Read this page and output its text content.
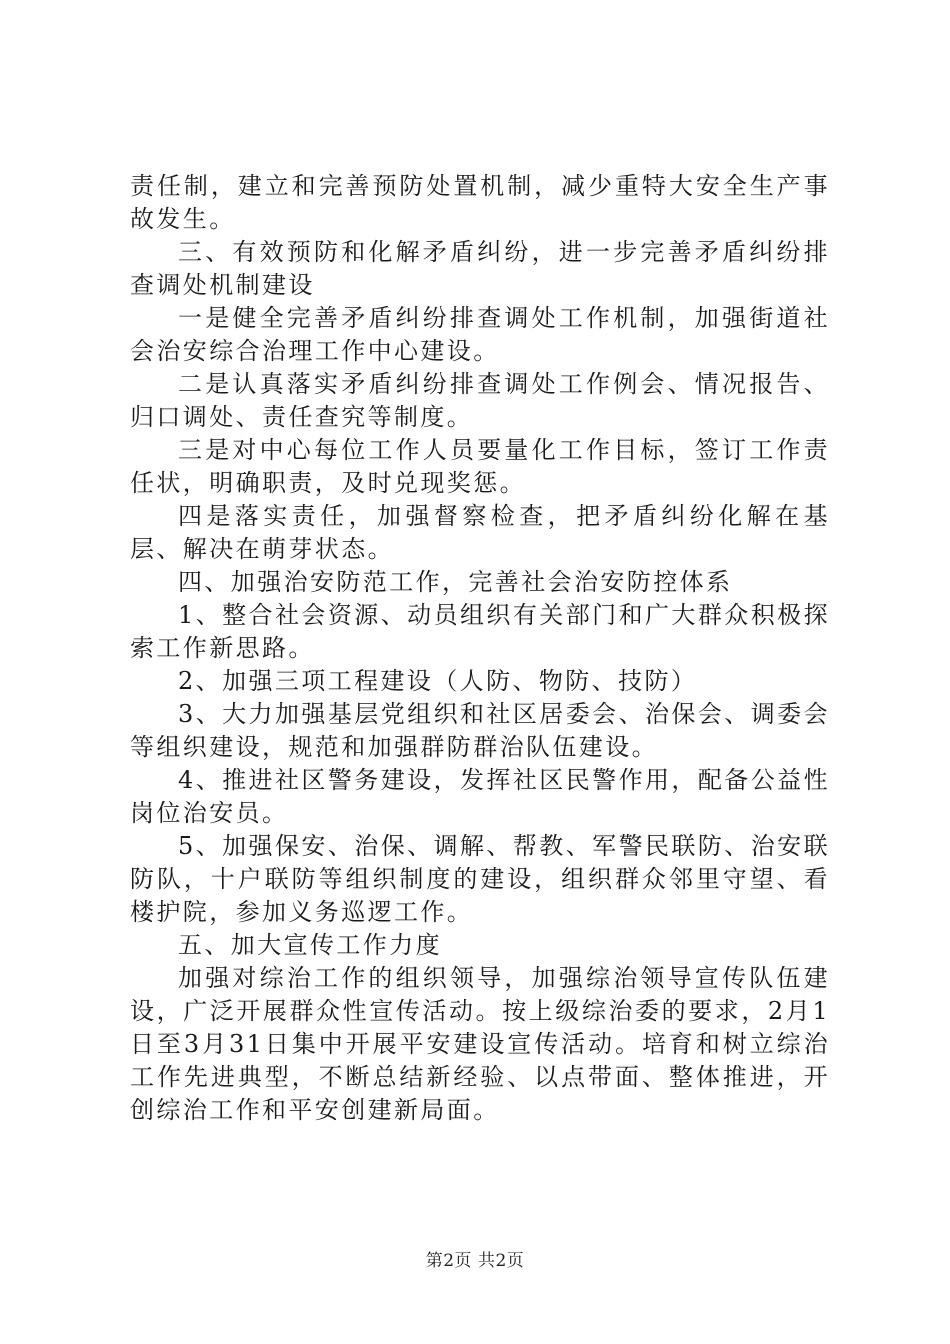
责任制，建立和完善预防处置机制，减少重特大安全生产事故发生。

三、有效预防和化解矛盾纠纷，进一步完善矛盾纠纷排查调处机制建设

一是健全完善矛盾纠纷排查调处工作机制，加强街道社会治安综合治理工作中心建设。

二是认真落实矛盾纠纷排查调处工作例会、情况报告、归口调处、责任查究等制度。

三是对中心每位工作人员要量化工作目标，签订工作责任状，明确职责，及时兑现奖惩。

四是落实责任，加强督察检查，把矛盾纠纷化解在基层、解决在萌芽状态。

四、加强治安防范工作，完善社会治安防控体系

1、整合社会资源、动员组织有关部门和广大群众积极探索工作新思路。

2、加强三项工程建设（人防、物防、技防）

3、大力加强基层党组织和社区居委会、治保会、调委会等组织建设，规范和加强群防群治队伍建设。

4、推进社区警务建设，发挥社区民警作用，配备公益性岗位治安员。

5、加强保安、治保、调解、帮教、军警民联防、治安联防队，十户联防等组织制度的建设，组织群众邻里守望、看楼护院，参加义务巡逻工作。

五、加大宣传工作力度

加强对综治工作的组织领导，加强综治领导宣传队伍建设，广泛开展群众性宣传活动。按上级综治委的要求，2月1日至3月31日集中开展平安建设宣传活动。培育和树立综治工作先进典型，不断总结新经验、以点带面、整体推进，开创综治工作和平安创建新局面。

第2页 共2页
